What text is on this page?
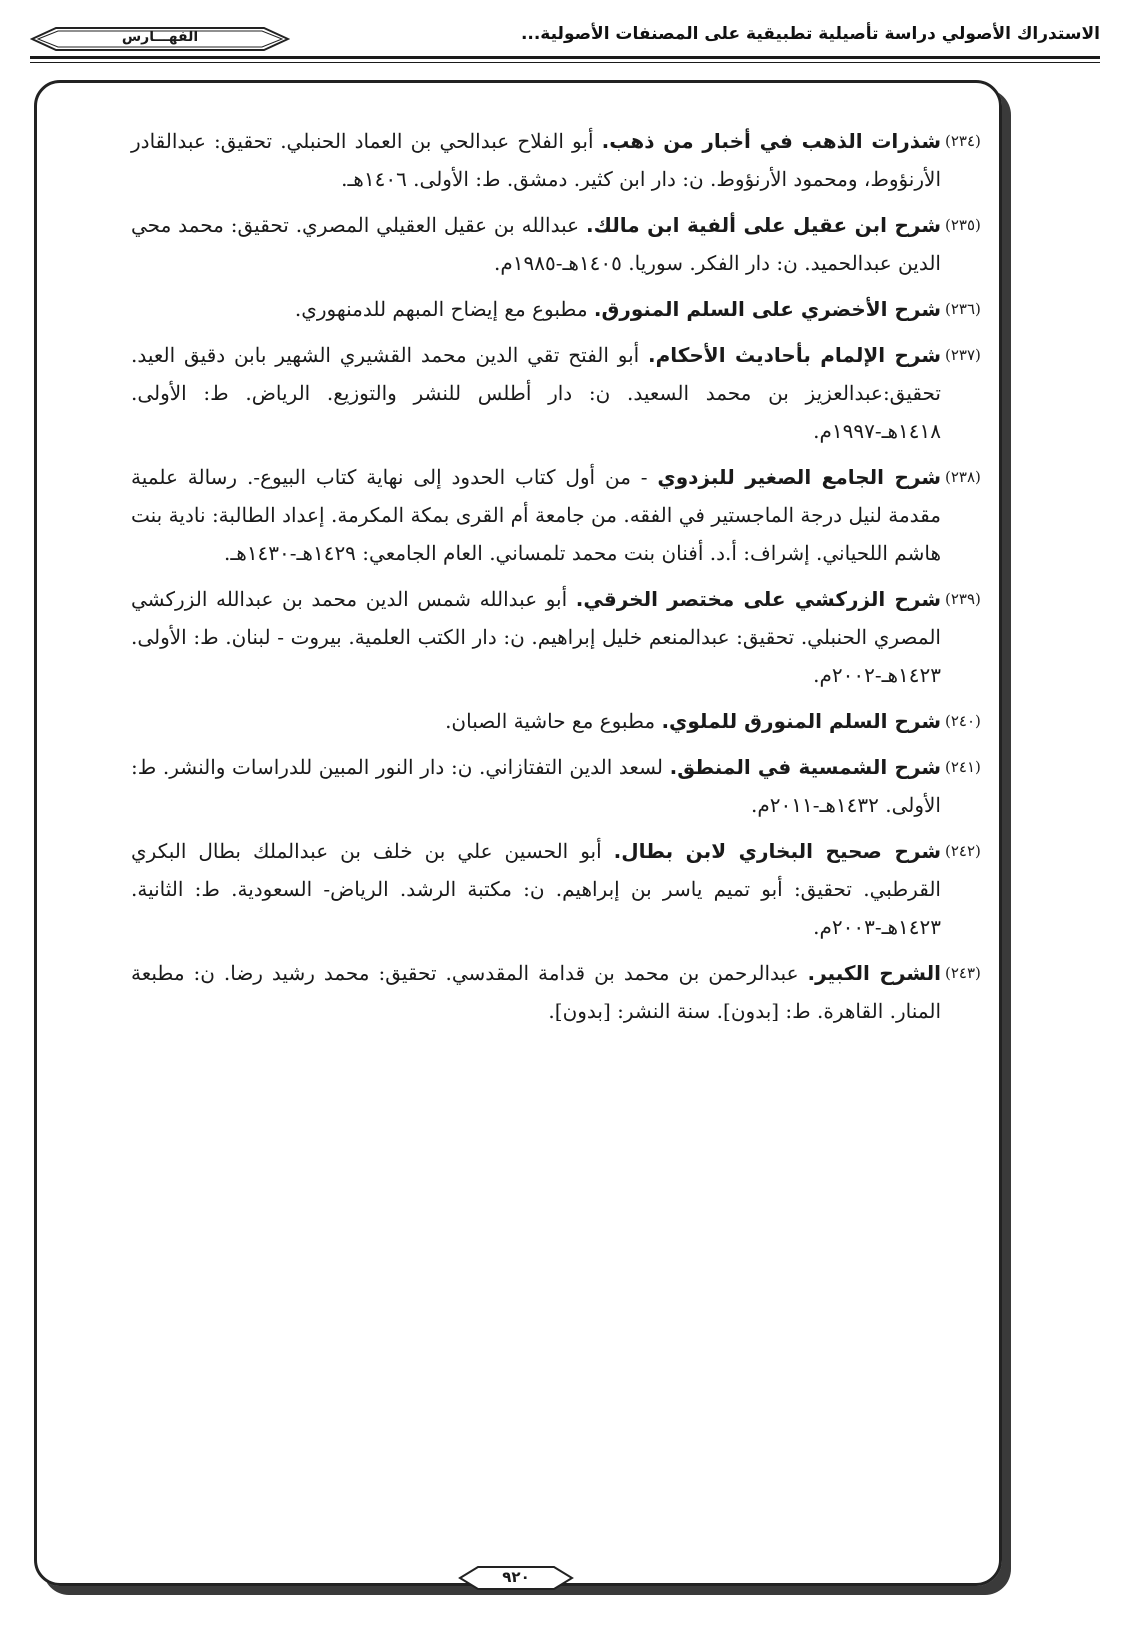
الاستدراك الأصولي دراسة تأصيلية تطبيقية على المصنفات الأصولية...
الفهـــارس
(٢٣٤)
شذرات الذهب في أخبار من ذهب. أبو الفلاح عبدالحي بن العماد الحنبلي. تحقيق: عبدالقادر الأرنؤوط، ومحمود الأرنؤوط. ن: دار ابن كثير. دمشق. ط: الأولى. ١٤٠٦هـ.
(٢٣٥)
شرح ابن عقيل على ألفية ابن مالك. عبدالله بن عقيل العقيلي المصري. تحقيق: محمد محي الدين عبدالحميد. ن: دار الفكر. سوريا. ١٤٠٥هـ-١٩٨٥م.
(٢٣٦)
شرح الأخضري على السلم المنورق. مطبوع مع إيضاح المبهم للدمنهوري.
(٢٣٧)
شرح الإلمام بأحاديث الأحكام. أبو الفتح تقي الدين محمد القشيري الشهير بابن دقيق العيد. تحقيق:عبدالعزيز بن محمد السعيد. ن: دار أطلس للنشر والتوزيع. الرياض. ط: الأولى. ١٤١٨هـ-١٩٩٧م.
(٢٣٨)
شرح الجامع الصغير للبزدوي - من أول كتاب الحدود إلى نهاية كتاب البيوع-. رسالة علمية مقدمة لنيل درجة الماجستير في الفقه. من جامعة أم القرى بمكة المكرمة. إعداد الطالبة: نادية بنت هاشم اللحياني. إشراف: أ.د. أفنان بنت محمد تلمساني. العام الجامعي: ١٤٢٩هـ-١٤٣٠هـ.
(٢٣٩)
شرح الزركشي على مختصر الخرقي. أبو عبدالله شمس الدين محمد بن عبدالله الزركشي المصري الحنبلي. تحقيق: عبدالمنعم خليل إبراهيم. ن: دار الكتب العلمية. بيروت - لبنان. ط: الأولى. ١٤٢٣هـ-٢٠٠٢م.
(٢٤٠)
شرح السلم المنورق للملوي. مطبوع مع حاشية الصبان.
(٢٤١)
شرح الشمسية في المنطق. لسعد الدين التفتازاني. ن: دار النور المبين للدراسات والنشر. ط: الأولى. ١٤٣٢هـ-٢٠١١م.
(٢٤٢)
شرح صحيح البخاري لابن بطال. أبو الحسين علي بن خلف بن عبدالملك بطال البكري القرطبي. تحقيق: أبو تميم ياسر بن إبراهيم. ن: مكتبة الرشد. الرياض- السعودية. ط: الثانية. ١٤٢٣هـ-٢٠٠٣م.
(٢٤٣)
الشرح الكبير. عبدالرحمن بن محمد بن قدامة المقدسي. تحقيق: محمد رشيد رضا. ن: مطبعة المنار. القاهرة. ط: [بدون]. سنة النشر: [بدون].
٩٢٠
